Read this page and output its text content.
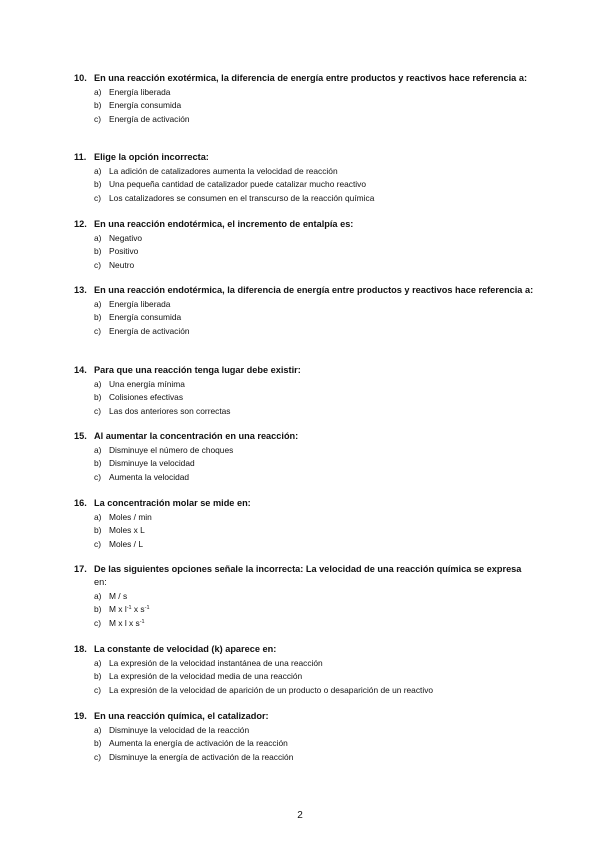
10. En una reacción exotérmica, la diferencia de energía entre productos y reactivos hace referencia a:
a) Energía liberada
b) Energía consumida
c) Energía de activación
11. Elige la opción incorrecta:
a) La adición de catalizadores aumenta la velocidad de reacción
b) Una pequeña cantidad de catalizador puede catalizar mucho reactivo
c) Los catalizadores se consumen en el transcurso de la reacción química
12. En una reacción endotérmica, el incremento de entalpía es:
a) Negativo
b) Positivo
c) Neutro
13. En una reacción endotérmica, la diferencia de energía entre productos y reactivos hace referencia a:
a) Energía liberada
b) Energía consumida
c) Energía de activación
14. Para que una reacción tenga lugar debe existir:
a) Una energía mínima
b) Colisiones efectivas
c) Las dos anteriores son correctas
15. Al aumentar la concentración en una reacción:
a) Disminuye el número de choques
b) Disminuye la velocidad
c) Aumenta la velocidad
16. La concentración molar se mide en:
a) Moles / min
b) Moles x L
c) Moles / L
17. De las siguientes opciones señale la incorrecta: La velocidad de una reacción química se expresa en:
a) M / s
b) M x $l^{-1}$ x $s^{-1}$
c) M x l x $s^{-1}$
18. La constante de velocidad (k) aparece en:
a) La expresión de la velocidad instantánea de una reacción
b) La expresión de la velocidad media de una reacción
c) La expresión de la velocidad de aparición de un producto o desaparición de un reactivo
19. En una reacción química, el catalizador:
a) Disminuye la velocidad de la reacción
b) Aumenta la energía de activación de la reacción
c) Disminuye la energía de activación de la reacción
2
